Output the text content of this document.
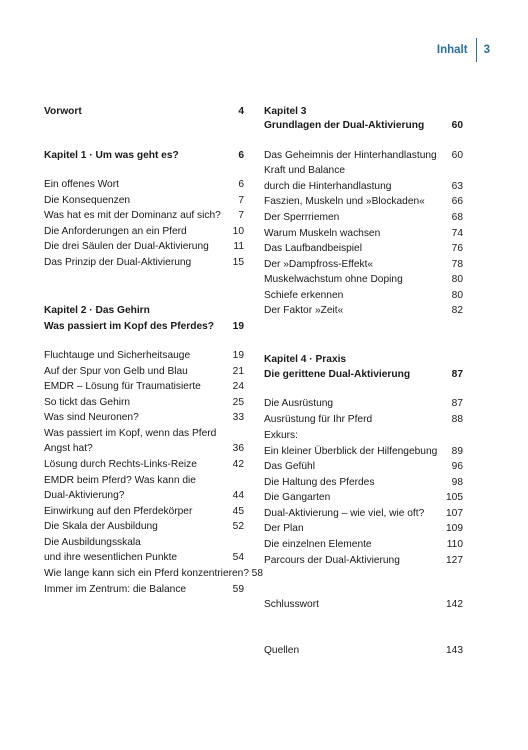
Inhalt 3
Vorwort	4
Kapitel 1 · Um was geht es?	6
Ein offenes Wort	6
Die Konsequenzen	7
Was hat es mit der Dominanz auf sich?	7
Die Anforderungen an ein Pferd	10
Die drei Säulen der Dual-Aktivierung	11
Das Prinzip der Dual-Aktivierung	15
Kapitel 2 · Das Gehirn
Was passiert im Kopf des Pferdes? 19
Fluchtauge und Sicherheitsauge	19
Auf der Spur von Gelb und Blau	21
EMDR – Lösung für Traumatisierte	24
So tickt das Gehirn	25
Was sind Neuronen?	33
Was passiert im Kopf, wenn das Pferd
Angst hat?	36
Lösung durch Rechts-Links-Reize	42
EMDR beim Pferd? Was kann die
Dual-Aktivierung?	44
Einwirkung auf den Pferdekörper	45
Die Skala der Ausbildung	52
Die Ausbildungsskala
und ihre wesentlichen Punkte	54
Wie lange kann sich ein Pferd konzentrieren? 58
Immer im Zentrum: die Balance	59
Kapitel 3
Grundlagen der Dual-Aktivierung	60
Das Geheimnis der Hinterhandlastung 60
Kraft und Balance
durch die Hinterhandlastung	63
Faszien, Muskeln und »Blockaden«	66
Der Sperrriemen	68
Warum Muskeln wachsen	74
Das Laufbandbeispiel	76
Der »Dampfross-Effekt«	78
Muskelwachstum ohne Doping	80
Schiefe erkennen	80
Der Faktor »Zeit«	82
Kapitel 4 · Praxis
Die gerittene Dual-Aktivierung	87
Die Ausrüstung	87
Ausrüstung für Ihr Pferd	88
Exkurs:
Ein kleiner Überblick der Hilfengebung 89
Das Gefühl	96
Die Haltung des Pferdes	98
Die Gangarten	105
Dual-Aktivierung – wie viel, wie oft? 107
Der Plan	109
Die einzelnen Elemente	110
Parcours der Dual-Aktivierung	127
Schlusswort	142
Quellen	143
